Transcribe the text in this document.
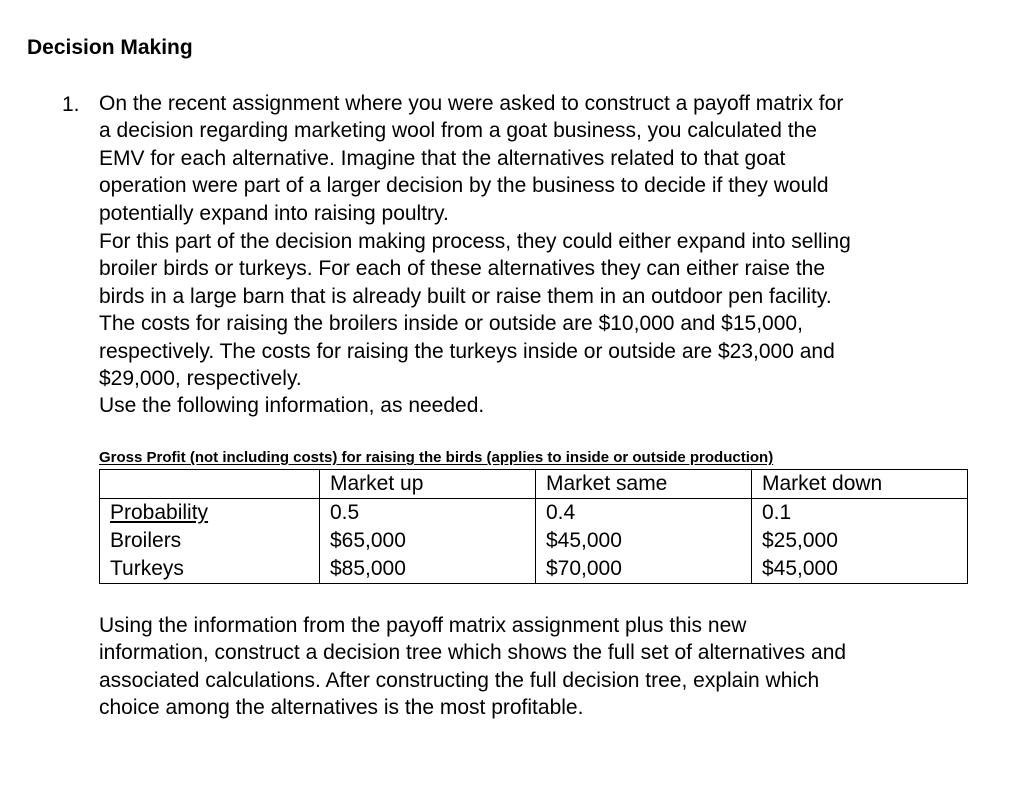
Decision Making
1. On the recent assignment where you were asked to construct a payoff matrix for
a decision regarding marketing wool from a goat business, you calculated the
EMV for each alternative. Imagine that the alternatives related to that goat
operation were part of a larger decision by the business to decide if they would
potentially expand into raising poultry.
For this part of the decision making process, they could either expand into selling
broiler birds or turkeys. For each of these alternatives they can either raise the
birds in a large barn that is already built or raise them in an outdoor pen facility.
The costs for raising the broilers inside or outside are $10,000 and $15,000,
respectively. The costs for raising the turkeys inside or outside are $23,000 and
$29,000, respectively.
Use the following information, as needed.
Gross Profit (not including costs) for raising the birds (applies to inside or outside production)
	Market up	Market same	Market down
Probability	0.5	0.4	0.1
Broilers	$65,000	$45,000	$25,000
Turkeys	$85,000	$70,000	$45,000
Using the information from the payoff matrix assignment plus this new
information, construct a decision tree which shows the full set of alternatives and
associated calculations. After constructing the full decision tree, explain which
choice among the alternatives is the most profitable.
